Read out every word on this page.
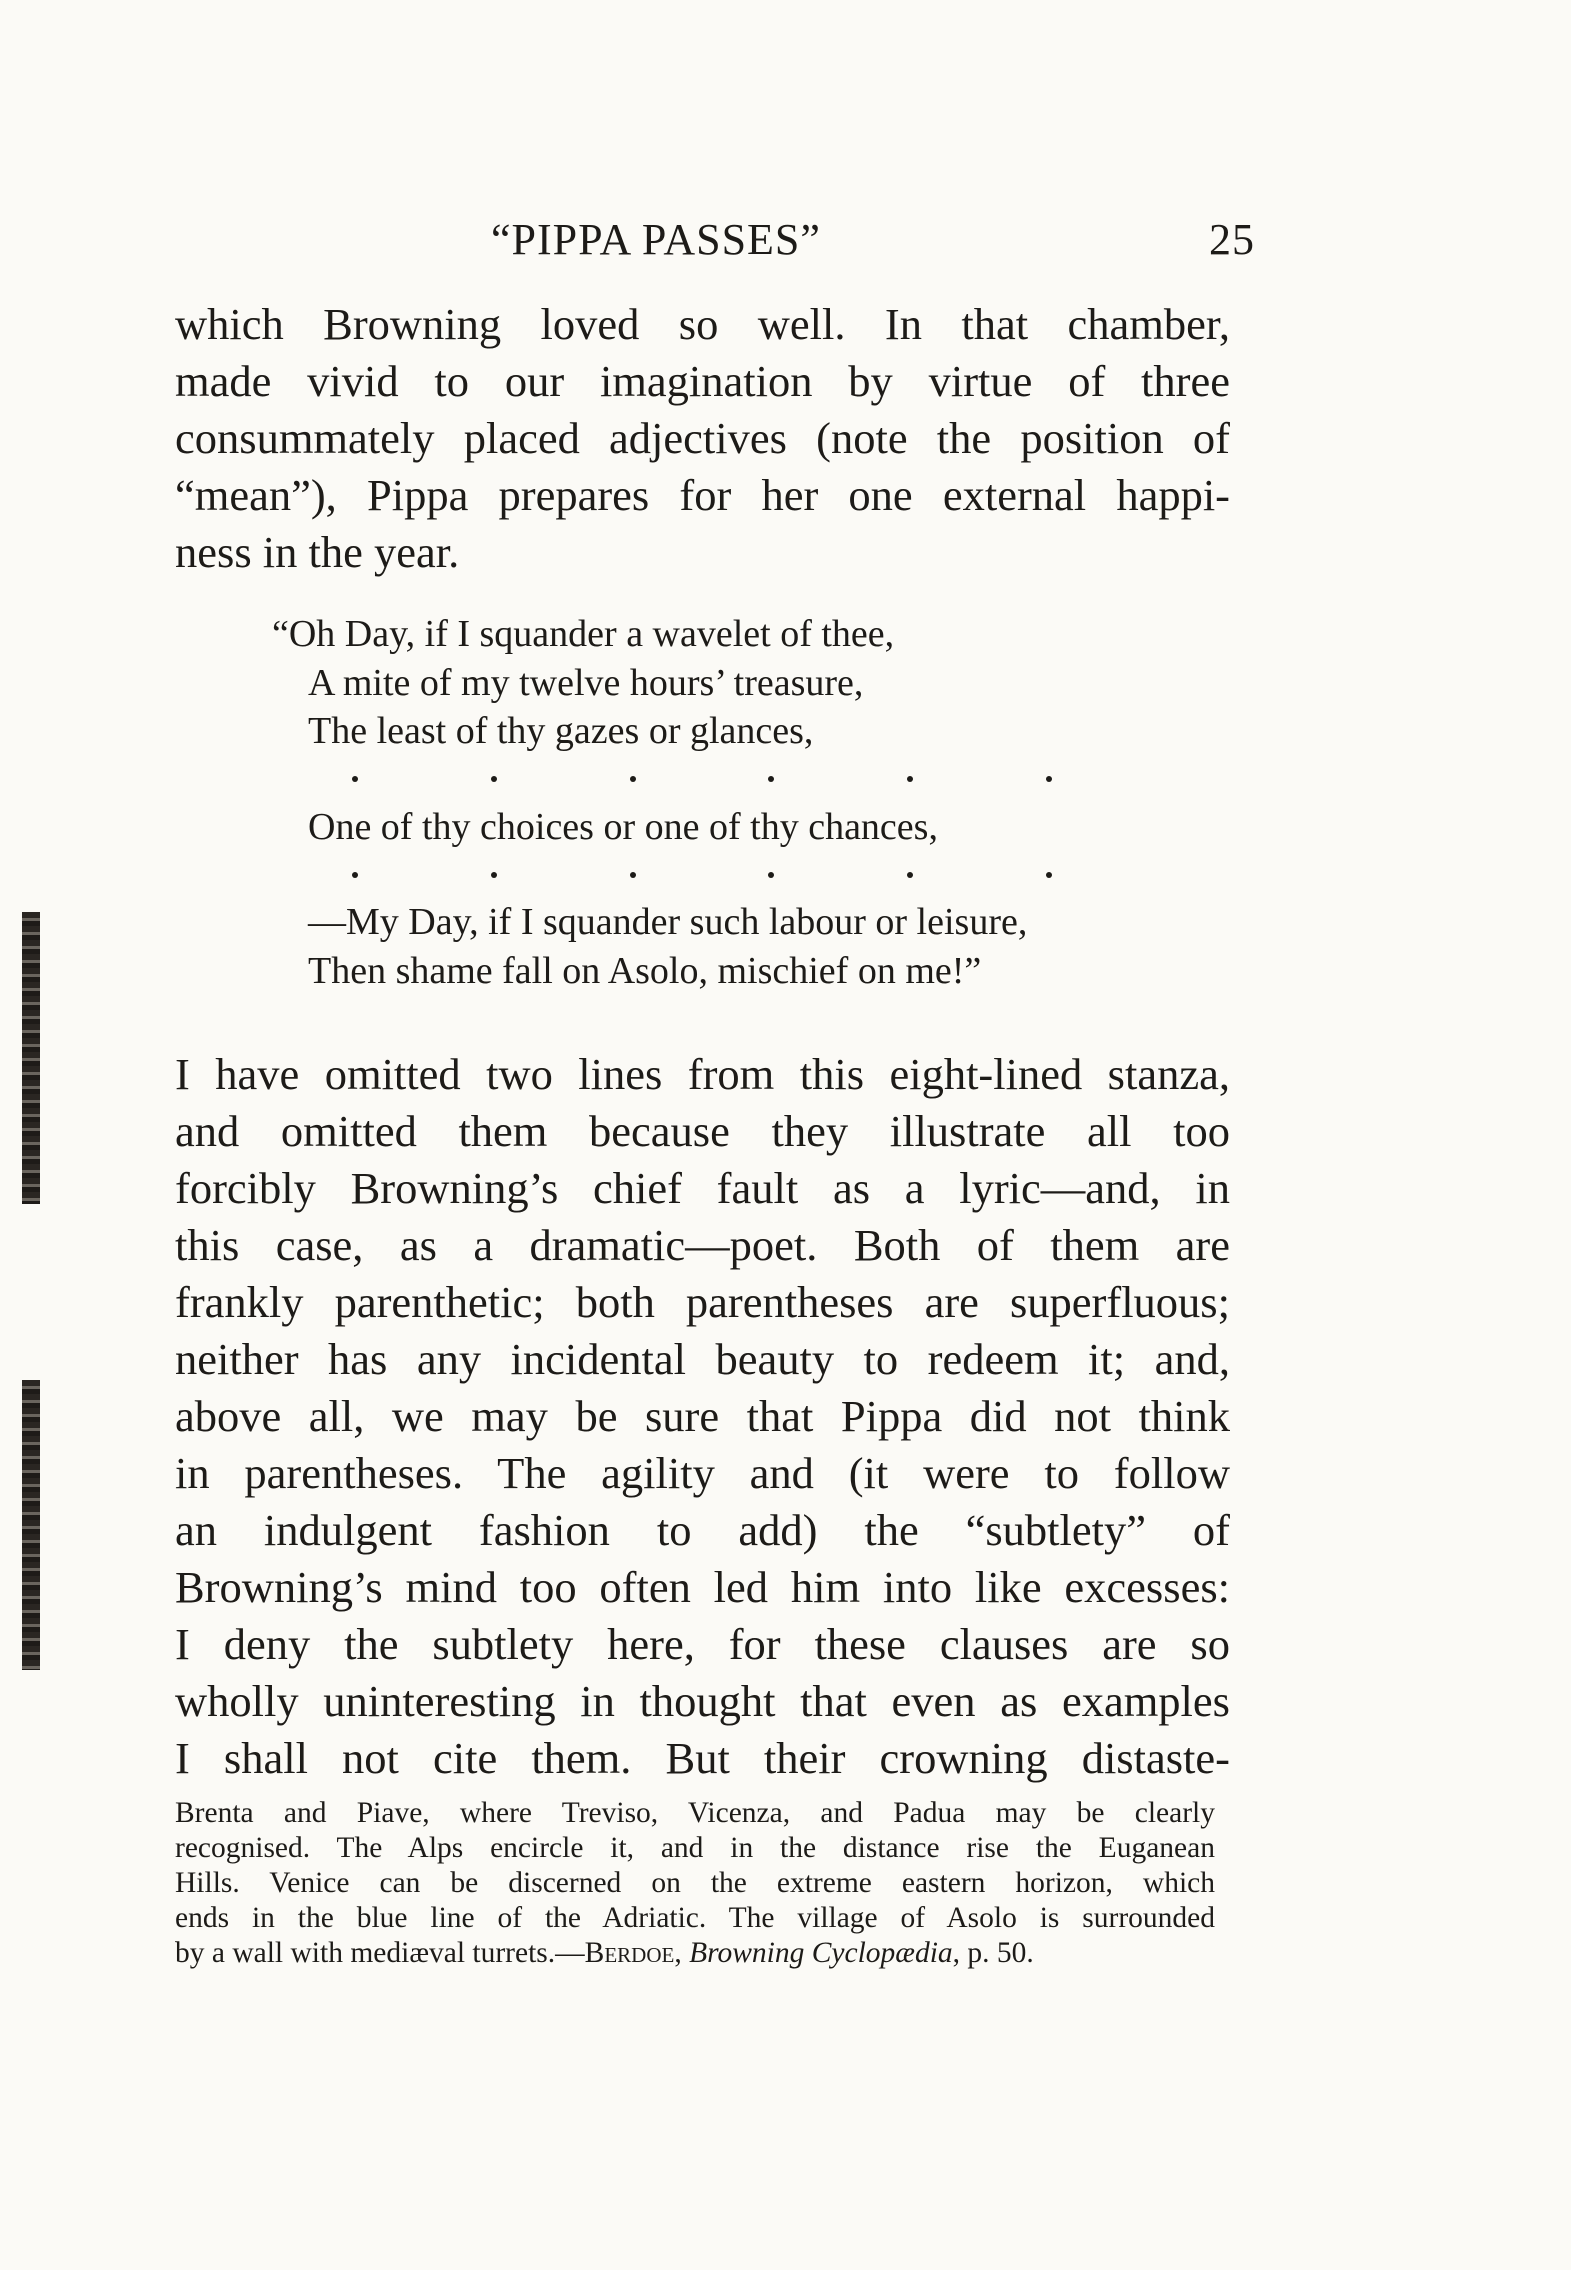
“PIPPA PASSES”	25

which Browning loved so well. In that chamber,
made vivid to our imagination by virtue of three
consummately placed adjectives (note the position of
“mean”), Pippa prepares for her one external happi-
ness in the year.

“Oh Day, if I squander a wavelet of thee,
A mite of my twelve hours’ treasure,
The least of thy gazes or glances,
One of thy choices or one of thy chances,
—My Day, if I squander such labour or leisure,
Then shame fall on Asolo, mischief on me!”

I have omitted two lines from this eight-lined stanza,
and omitted them because they illustrate all too
forcibly Browning’s chief fault as a lyric—and, in
this case, as a dramatic—poet. Both of them are
frankly parenthetic; both parentheses are superfluous;
neither has any incidental beauty to redeem it; and,
above all, we may be sure that Pippa did not think
in parentheses. The agility and (it were to follow
an indulgent fashion to add) the “subtlety” of
Browning’s mind too often led him into like excesses:
I deny the subtlety here, for these clauses are so
wholly uninteresting in thought that even as examples
I shall not cite them. But their crowning distaste-

Brenta and Piave, where Treviso, Vicenza, and Padua may be clearly
recognised. The Alps encircle it, and in the distance rise the Euganean
Hills. Venice can be discerned on the extreme eastern horizon, which
ends in the blue line of the Adriatic. The village of Asolo is surrounded
by a wall with mediæval turrets.—Berdoe, Browning Cyclopædia, p. 50.
